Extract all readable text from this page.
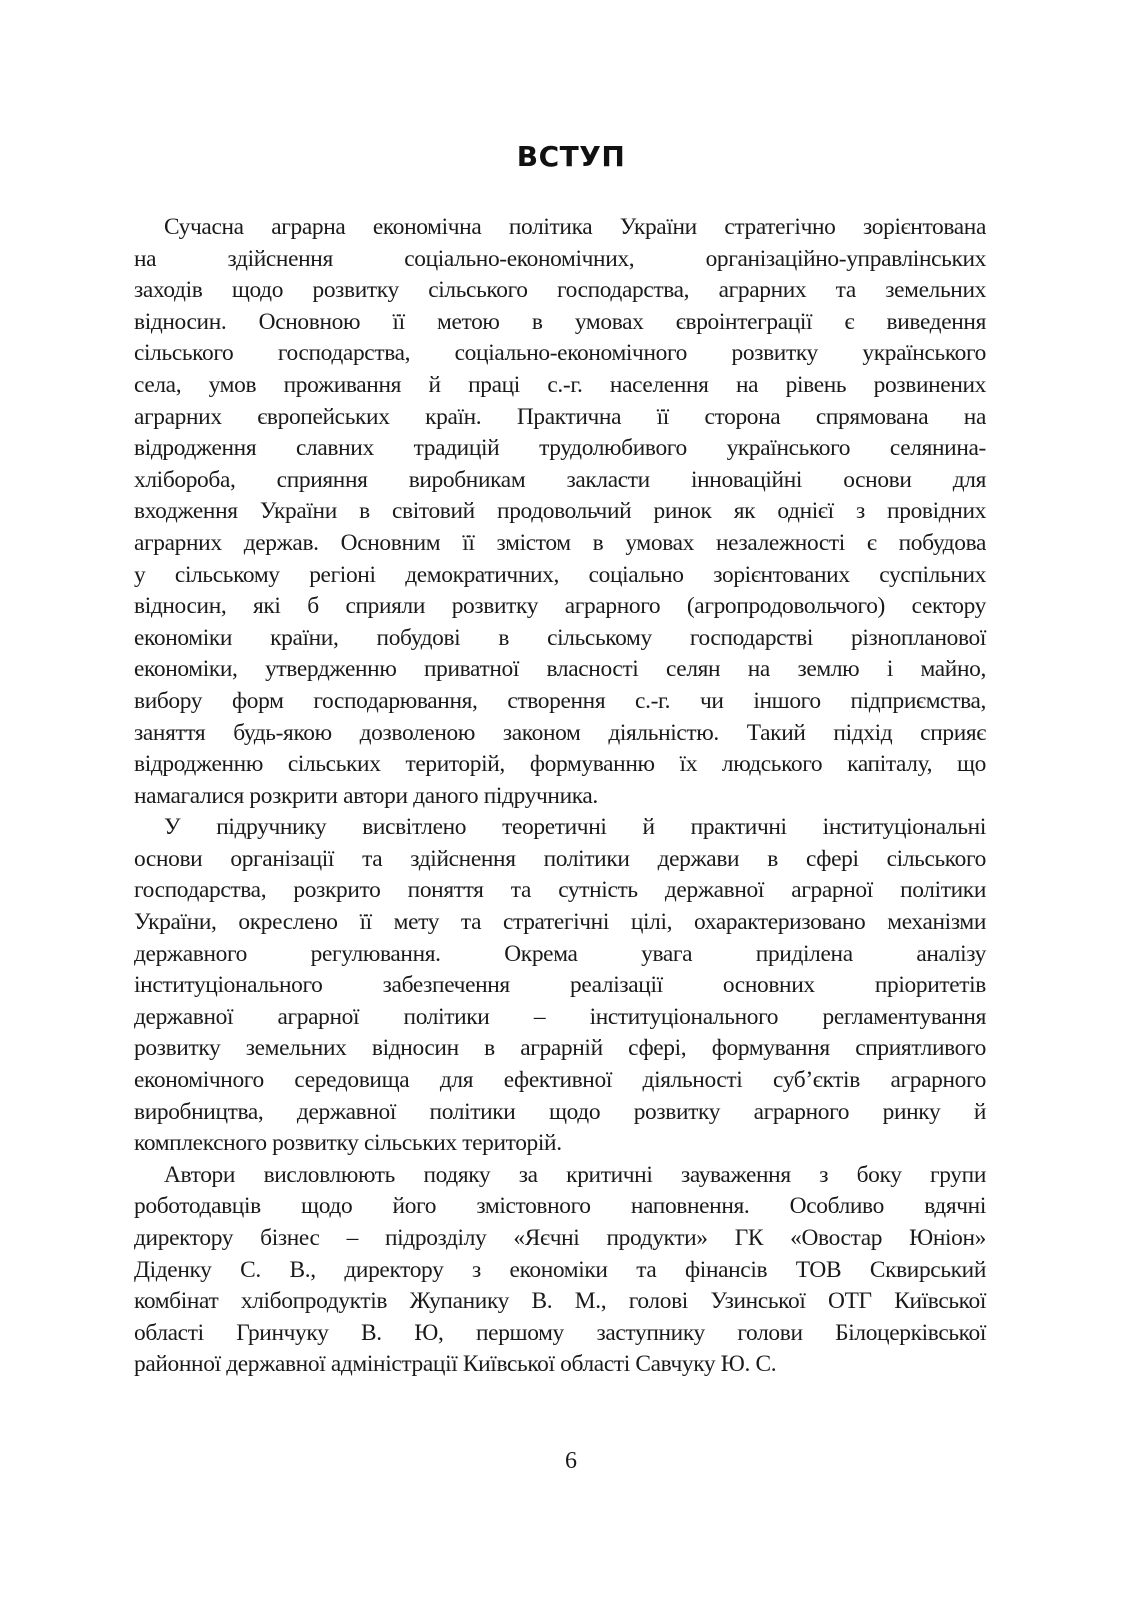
ВСТУП
Сучасна аграрна економічна політика України стратегічно зорієнтована
на здійснення соціально-економічних, організаційно-управлінських
заходів щодо розвитку сільського господарства, аграрних та земельних
відносин. Основною її метою в умовах євроінтеграції є виведення
сільського господарства, соціально-економічного розвитку українського
села, умов проживання й праці с.-г. населення на рівень розвинених
аграрних європейських країн. Практична її сторона спрямована на
відродження славних традицій трудолюбивого українського селянина-
хлібороба, сприяння виробникам закласти інноваційні основи для
входження України в світовий продовольчий ринок як однієї з провідних
аграрних держав. Основним її змістом в умовах незалежності є побудова
у сільському регіоні демократичних, соціально зорієнтованих суспільних
відносин, які б сприяли розвитку аграрного (агропродовольчого) сектору
економіки країни, побудові в сільському господарстві різнопланової
економіки, утвердженню приватної власності селян на землю і майно,
вибору форм господарювання, створення с.-г. чи іншого підприємства,
заняття будь-якою дозволеною законом діяльністю. Такий підхід сприяє
відродженню сільських територій, формуванню їх людського капіталу, що
намагалися розкрити автори даного підручника.
У підручнику висвітлено теоретичні й практичні інституціональні
основи організації та здійснення політики держави в сфері сільського
господарства, розкрито поняття та сутність державної аграрної політики
України, окреслено її мету та стратегічні цілі, охарактеризовано механізми
державного регулювання. Окрема увага приділена аналізу
інституціонального забезпечення реалізації основних пріоритетів
державної аграрної політики – інституціонального регламентування
розвитку земельних відносин в аграрній сфері, формування сприятливого
економічного середовища для ефективної діяльності суб’єктів аграрного
виробництва, державної політики щодо розвитку аграрного ринку й
комплексного розвитку сільських територій.
Автори висловлюють подяку за критичні зауваження з боку групи
роботодавців щодо його змістовного наповнення. Особливо вдячні
директору бізнес – підрозділу «Яєчні продукти» ГК «Овостар Юніон»
Діденку С. В., директору з економіки та фінансів ТОВ Сквирський
комбінат хлібопродуктів Жупанику В. М., голові Узинської ОТГ Київської
області Гринчуку В. Ю, першому заступнику голови Білоцерківської
районної державної адміністрації Київської області Савчуку Ю. С.
6
